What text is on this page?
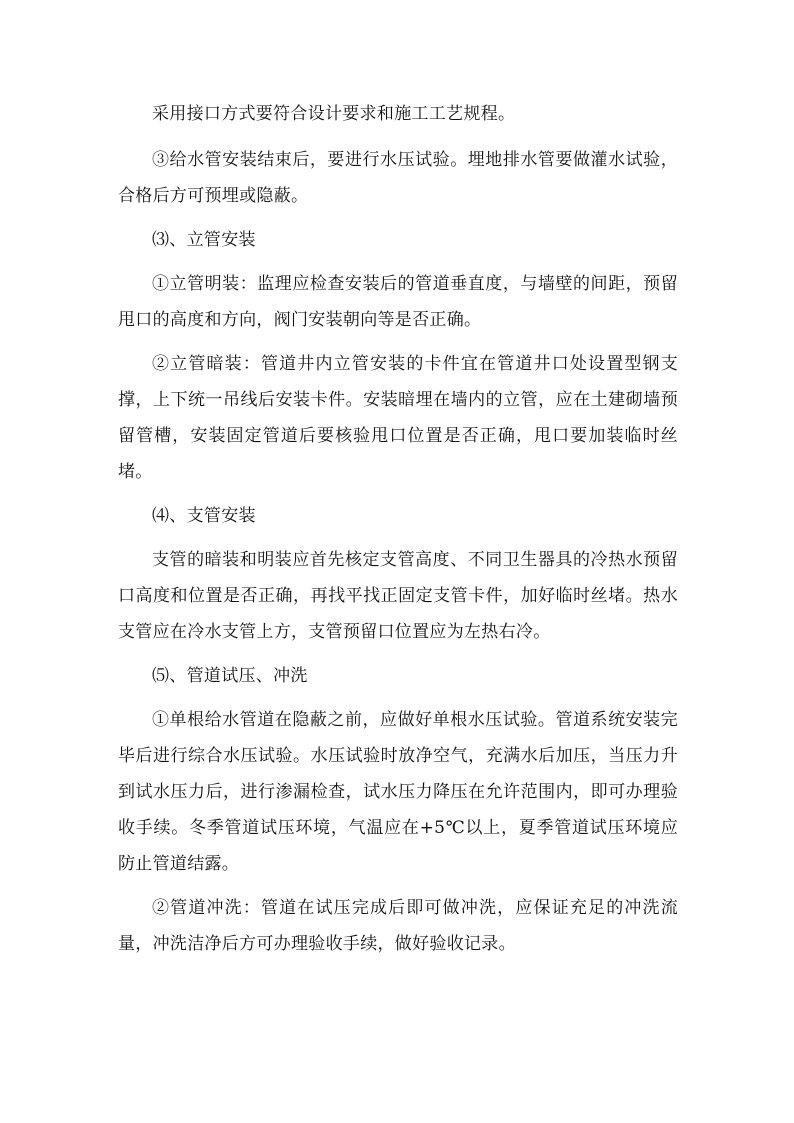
采用接口方式要符合设计要求和施工工艺规程。

③给水管安装结束后，要进行水压试验。埋地排水管要做灌水试验，合格后方可预埋或隐蔽。

⑶、立管安装

①立管明装：监理应检查安装后的管道垂直度，与墙壁的间距，预留甩口的高度和方向，阀门安装朝向等是否正确。

②立管暗装：管道井内立管安装的卡件宜在管道井口处设置型钢支撑，上下统一吊线后安装卡件。安装暗埋在墙内的立管，应在土建砌墙预留管槽，安装固定管道后要核验甩口位置是否正确，甩口要加装临时丝堵。

⑷、支管安装

支管的暗装和明装应首先核定支管高度、不同卫生器具的冷热水预留口高度和位置是否正确，再找平找正固定支管卡件，加好临时丝堵。热水支管应在冷水支管上方，支管预留口位置应为左热右冷。

⑸、管道试压、冲洗

①单根给水管道在隐蔽之前，应做好单根水压试验。管道系统安装完毕后进行综合水压试验。水压试验时放净空气，充满水后加压，当压力升到试水压力后，进行渗漏检查，试水压力降压在允许范围内，即可办理验收手续。冬季管道试压环境，气温应在+5℃以上，夏季管道试压环境应防止管道结露。

②管道冲洗：管道在试压完成后即可做冲洗，应保证充足的冲洗流量，冲洗洁净后方可办理验收手续，做好验收记录。
